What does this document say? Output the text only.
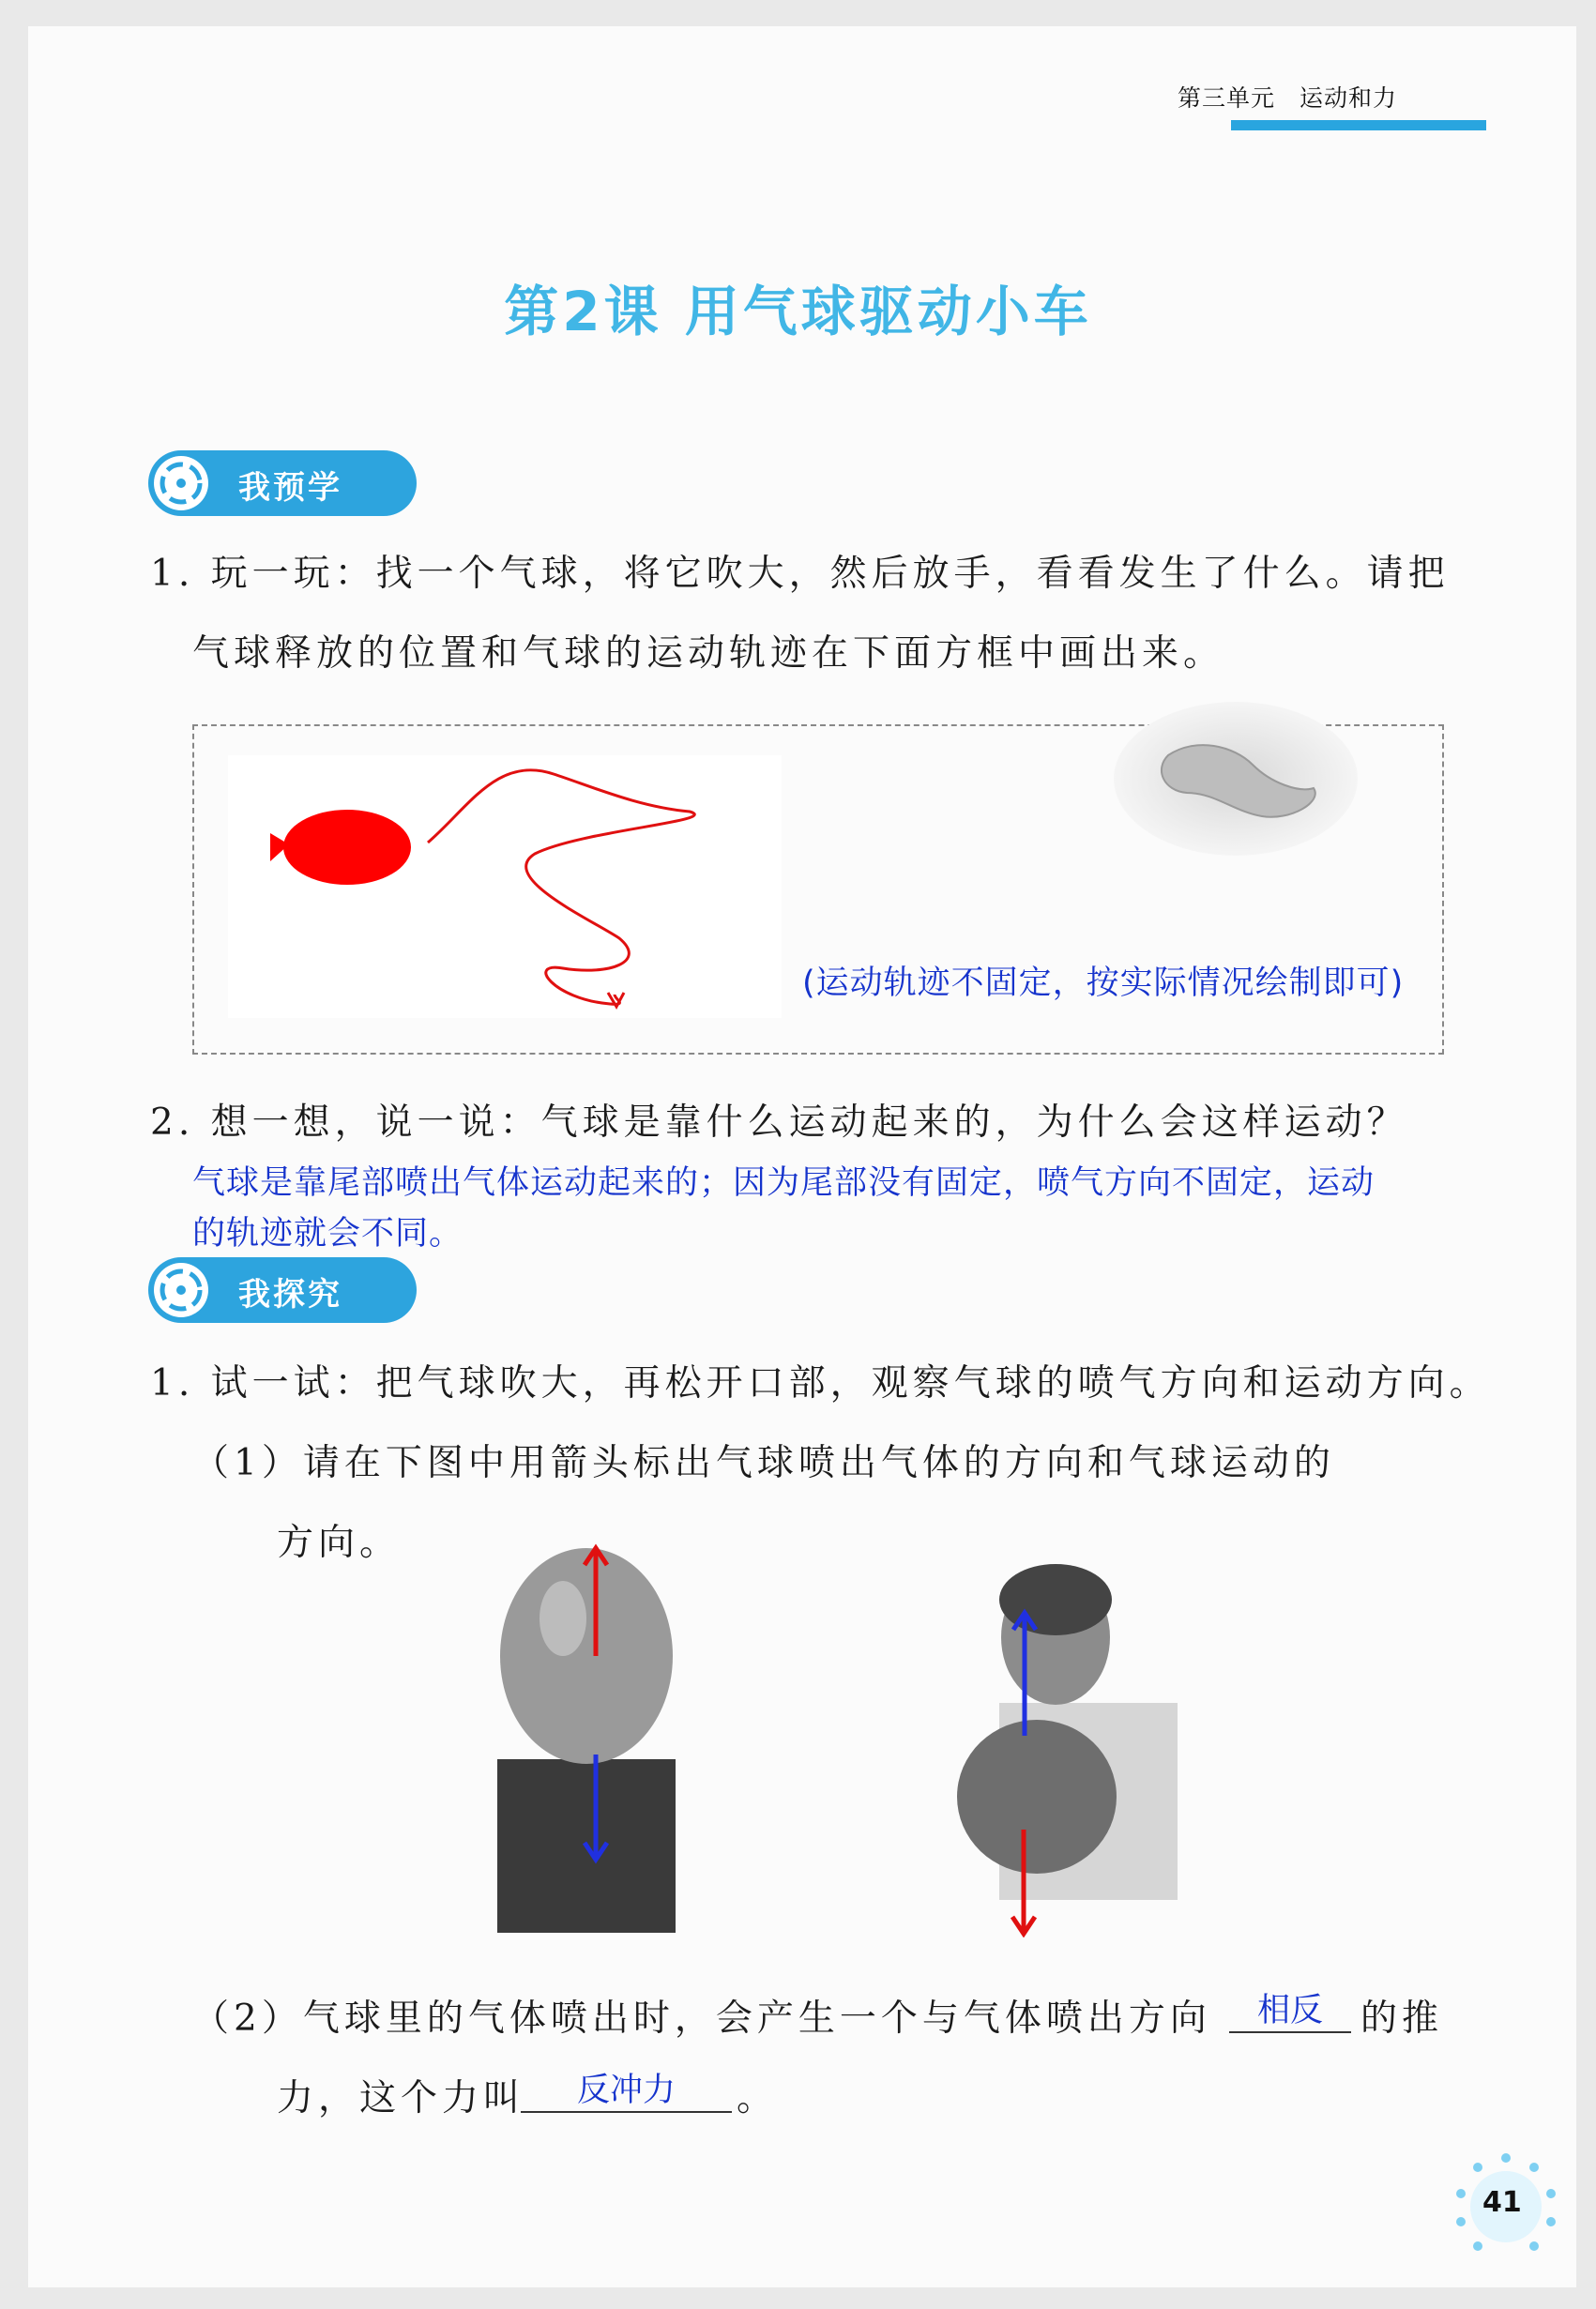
第三单元 运动和力
第2课 用气球驱动小车
我预学
1. 玩一玩：找一个气球，将它吹大，然后放手，看看发生了什么。请把
气球释放的位置和气球的运动轨迹在下面方框中画出来。
(运动轨迹不固定，按实际情况绘制即可)
2. 想一想，说一说：气球是靠什么运动起来的，为什么会这样运动？
气球是靠尾部喷出气体运动起来的；因为尾部没有固定，喷气方向不固定，运动
的轨迹就会不同。
我探究
1. 试一试：把气球吹大，再松开口部，观察气球的喷气方向和运动方向。
（1）请在下图中用箭头标出气球喷出气体的方向和气球运动的
方向。
（2）气球里的气体喷出时，会产生一个与气体喷出方向	相反	的推
力，这个力叫	反冲力	。
41
